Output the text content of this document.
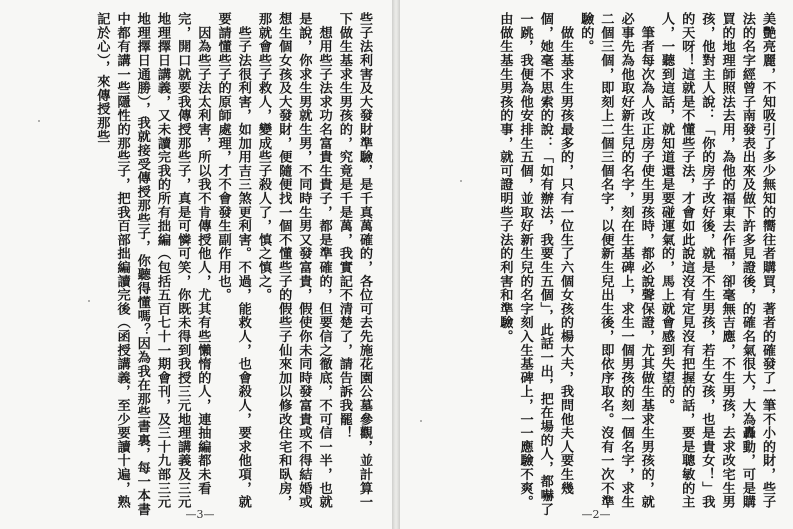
些子法利害及大發財準驗，是千真萬確的，各位可去先施花園公墓參觀，並計算一下做生基求生男孩的，究竟是千是萬，我實記不清楚了，請告訴我罷！
　想用些子法求功名富貴生貴子，都是準確的，但要信之徹底，不可信一半，也就是說，你求生男就生男，不同時生男又發富貴，假使你未同時發富貴或不得結婚或想生個女孩及大發財，便隨便找一個不懂些子的假些子仙來加以修改住宅和臥房，那就會些子救人，變成些子殺人了，慎之慎之。
　些子法很利害，如加用吉三煞更利害。不過，能救人，也會殺人，要求他項，就要請懂些子的原師處理，才不會發生副作用也。
　因為些子法太利害，所以我不肯傳授他人，尤其有些懶惰的人，連抽編都未看完，開口就要我傳授那些子，真是可憐可笑，你既未得到我授三元地理講義及三元地理擇日講義，又未讀完我的所有拙編（包括五百七十一期會刊，及三十九部三元地理擇日通勝），我就接受傳授那些子，你聽得懂嗎？因為我在那些書裏，每一本書中都有講一些隱性的那些子，把我百部拙編讀完後（函授講義，至少要讀十遍，熟記於心），來傳授那些
—3—
美艷亮麗，不知吸引了多少無知的嚮往者購買，著者的確發了一筆不小的財，些子法的名字經曾子南發表出來及做下許多見證後，的確名氣很大，大為轟動，可是購買的地理師照法去用，為他的福東去作福，卻毫無吉應，不生男孩，去求改宅生男孩，他對主人說：「你的房子改好後，就是不生男孩，若生女孩，也是貴女！」我的天呀！這就是不懂些子法，才會如此說這沒有定見沒有把握的話，要是聰敏的主人，一聽到這話，就知道還是要碰運氣的，馬上就會感到失望的。
　筆者每次為人改正房子使生男孩時，都必說聲保證，尤其做生基求生男孩的，就必事先為他取好新生兒的名字，刻在生基碑上，求生一個男孩的刻一個名字，求生二個三個，即刻上二個三個名字，以便新生兒出生後，即依序取名。沒有一次不準驗的。
　做生基求生男孩最多的，只有一位生了六個女孩的楊大夫，我問他夫人要生幾個，她毫不思索的說：「如有辦法，我要生五個」，此話一出，把在場的人，都嚇了一跳，我便為他安排生五個，並取好新生兒的名字刻入生基碑上，一一應驗不爽。由做生基生男孩的事，就可證明些子法的利害和準驗。
—2—
